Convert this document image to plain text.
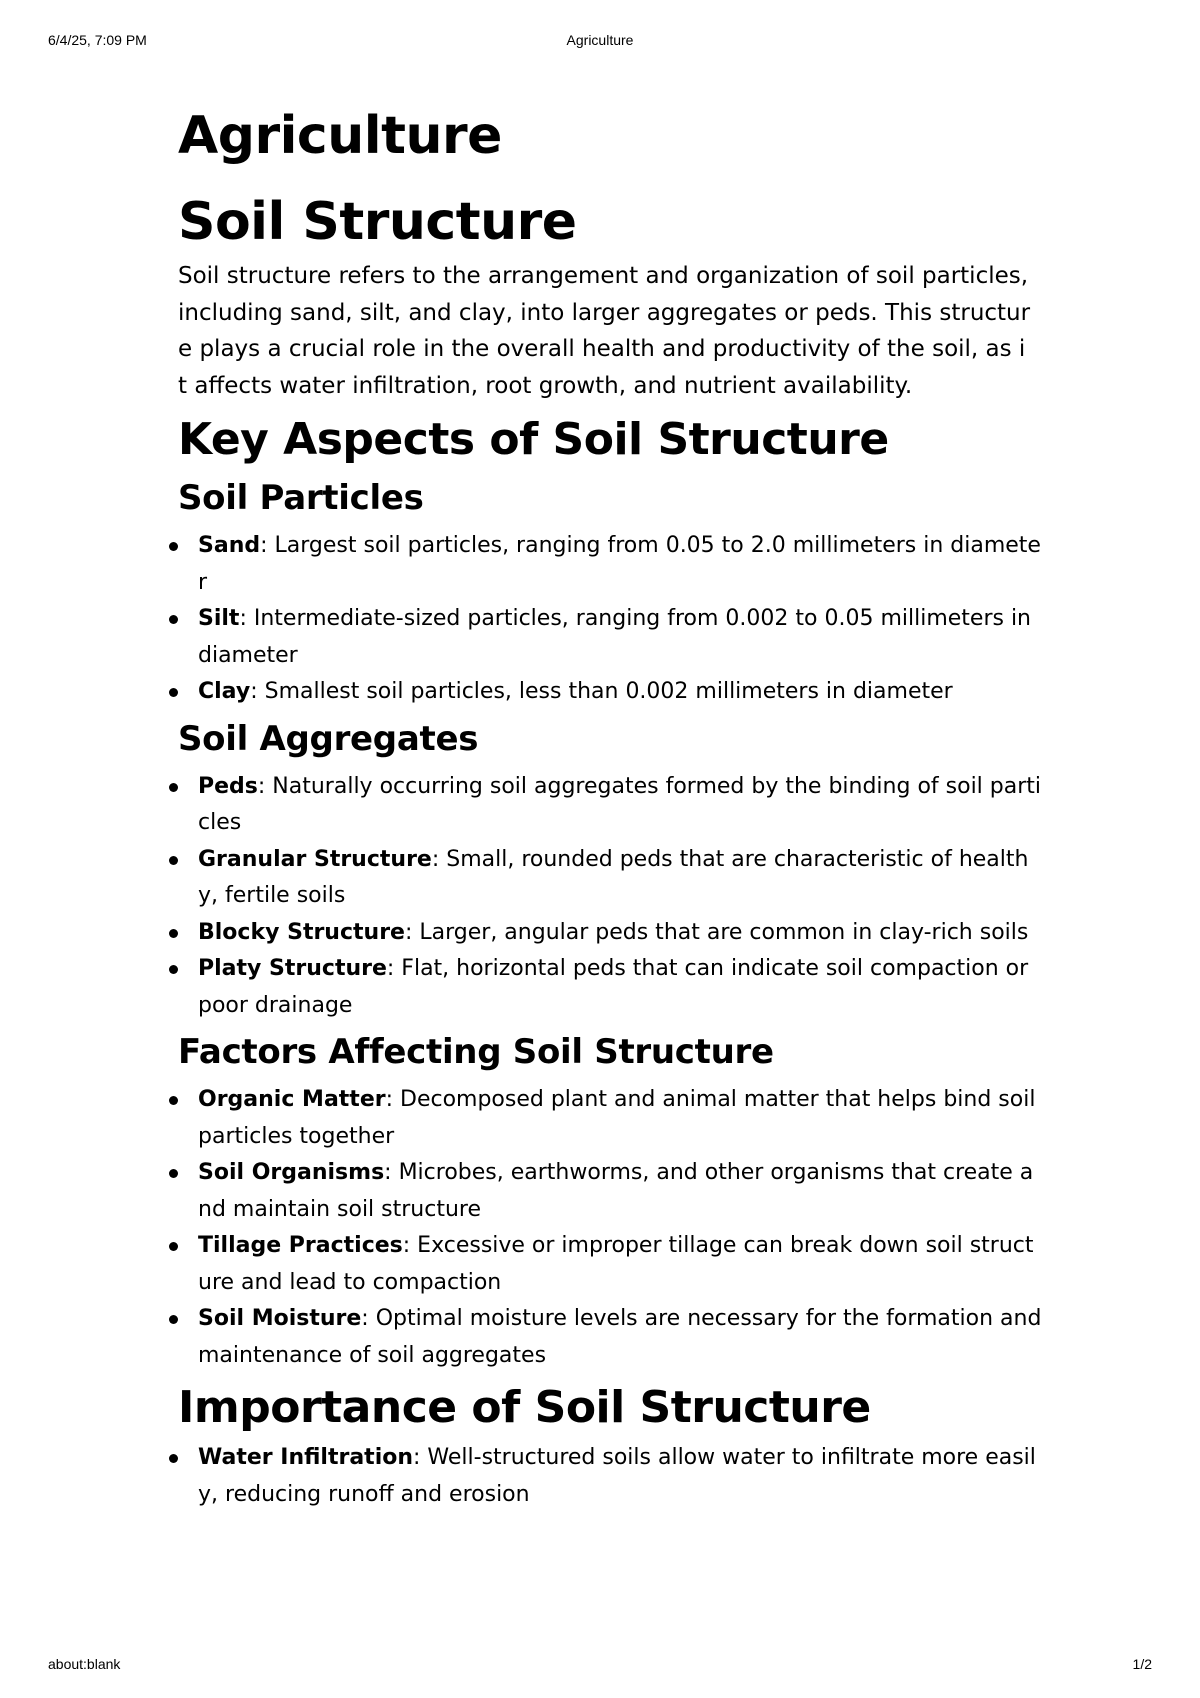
6/4/25, 7:09 PM	Agriculture
Agriculture
Soil Structure

Soil structure refers to the arrangement and organization of soil particles, including sand, silt, and clay, into larger aggregates or peds. This structure plays a crucial role in the overall health and productivity of the soil, as it affects water infiltration, root growth, and nutrient availability.

Key Aspects of Soil Structure
Soil Particles
Sand: Largest soil particles, ranging from 0.05 to 2.0 millimeters in diameter
Silt: Intermediate-sized particles, ranging from 0.002 to 0.05 millimeters in diameter
Clay: Smallest soil particles, less than 0.002 millimeters in diameter
Soil Aggregates
Peds: Naturally occurring soil aggregates formed by the binding of soil particles
Granular Structure: Small, rounded peds that are characteristic of healthy, fertile soils
Blocky Structure: Larger, angular peds that are common in clay-rich soils
Platy Structure: Flat, horizontal peds that can indicate soil compaction or poor drainage
Factors Affecting Soil Structure
Organic Matter: Decomposed plant and animal matter that helps bind soil particles together
Soil Organisms: Microbes, earthworms, and other organisms that create and maintain soil structure
Tillage Practices: Excessive or improper tillage can break down soil structure and lead to compaction
Soil Moisture: Optimal moisture levels are necessary for the formation and maintenance of soil aggregates
Importance of Soil Structure
Water Infiltration: Well-structured soils allow water to infiltrate more easily, reducing runoff and erosion
about:blank	1/2
